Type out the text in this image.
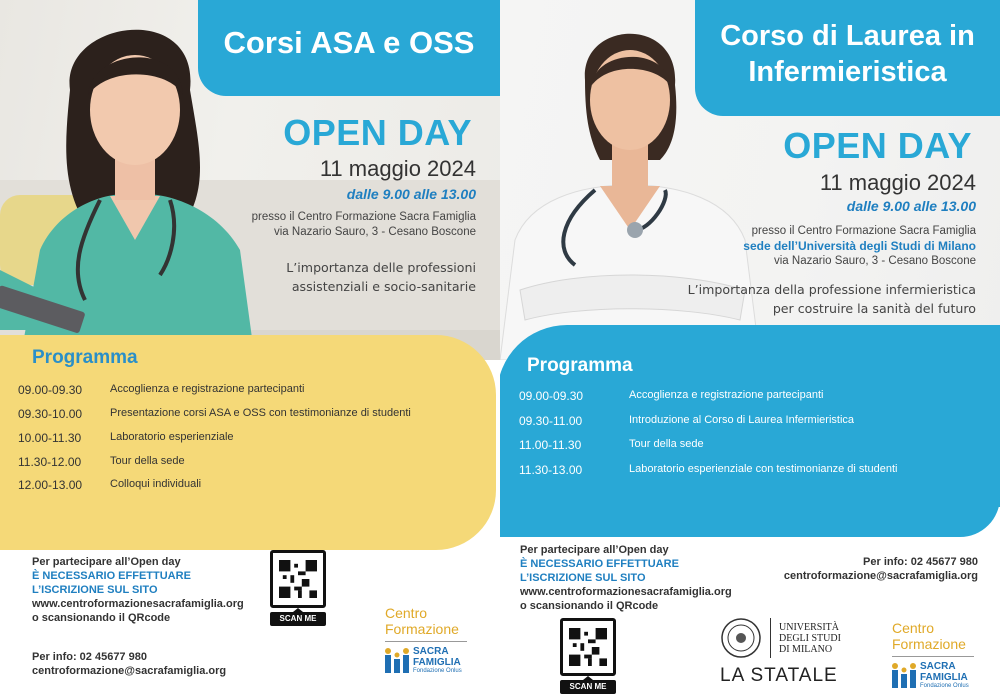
Corsi ASA e OSS
OPEN DAY
11 maggio 2024
dalle 9.00 alle 13.00
presso il Centro Formazione Sacra Famiglia
via Nazario Sauro, 3 - Cesano Boscone
L’importanza delle professioni
assistenziali e socio-sanitarie
Programma
09.00-09.30	Accoglienza e registrazione partecipanti
09.30-10.00	Presentazione corsi ASA e OSS con testimonianze di studenti
10.00-11.30	Laboratorio esperienziale
11.30-12.00	Tour della sede
12.00-13.00	Colloqui individuali
Per partecipare all’Open day
È NECESSARIO EFFETTUARE
L’ISCRIZIONE SUL SITO
www.centroformazionesacrafamiglia.org
o scansionando il QRcode
Per info: 02 45677 980
centroformazione@sacrafamiglia.org
SCAN ME	Centro
Formazione
SACRA
FAMIGLIA
Fondazione Onlus
Corso di Laurea in
Infermieristica
OPEN DAY
11 maggio 2024
dalle 9.00 alle 13.00
presso il Centro Formazione Sacra Famiglia
sede dell’Università degli Studi di Milano
via Nazario Sauro, 3 - Cesano Boscone
L’importanza della professione infermieristica
per costruire la sanità del futuro
Programma
09.00-09.30	Accoglienza e registrazione partecipanti
09.30-11.00	Introduzione al Corso di Laurea Infermieristica
11.00-11.30	Tour della sede
11.30-13.00	Laboratorio esperienziale con testimonianze di studenti
Per partecipare all’Open day
È NECESSARIO EFFETTUARE
L’ISCRIZIONE SUL SITO
www.centroformazionesacrafamiglia.org
o scansionando il QRcode
Per info: 02 45677 980
centroformazione@sacrafamiglia.org
SCAN ME
UNIVERSITÀ
DEGLI STUDI
DI MILANO
LA STATALE
Centro
Formazione
SACRA
FAMIGLIA
Fondazione Onlus
